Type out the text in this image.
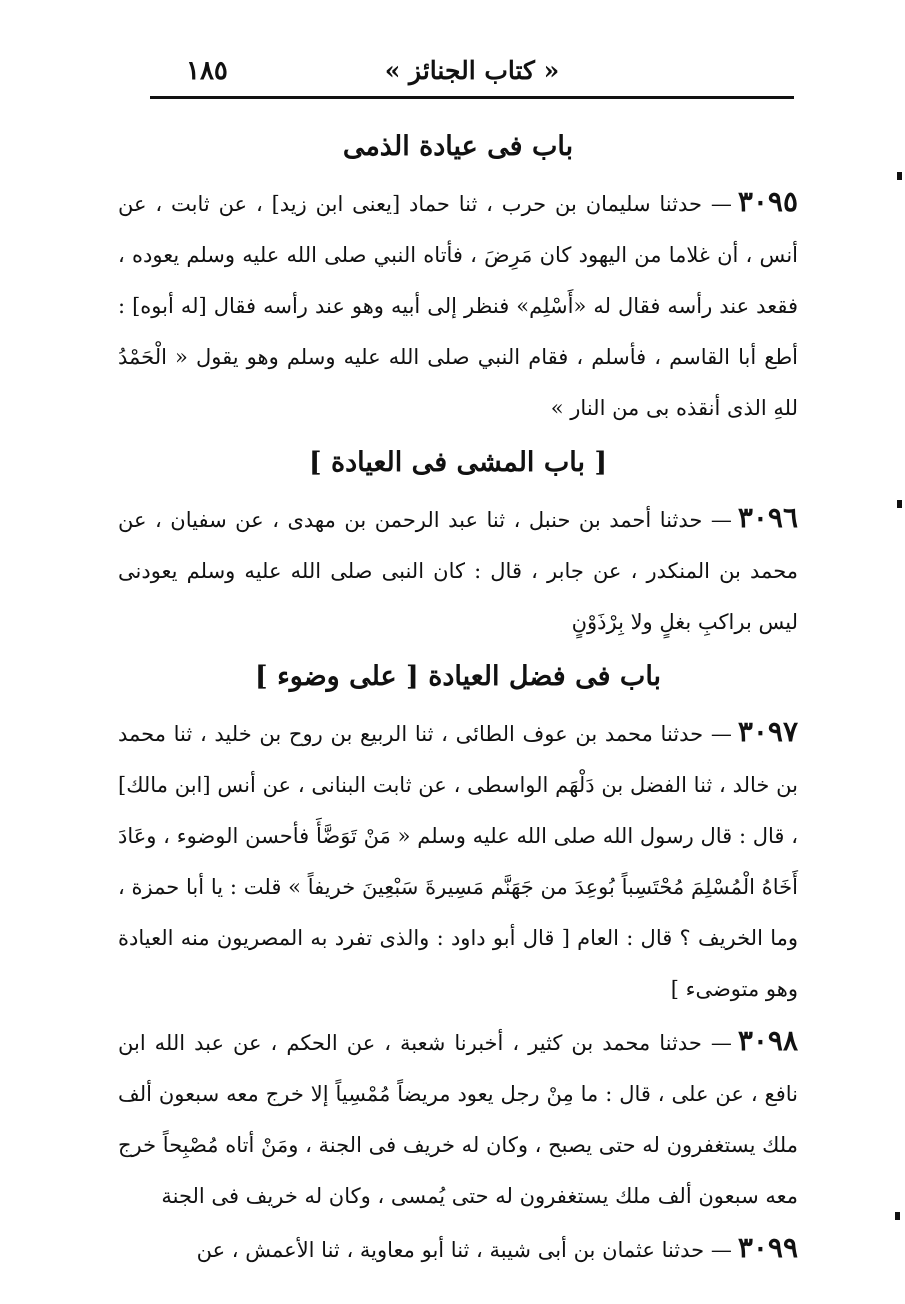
١٨٥	« كتاب الجنائز »
باب فى عيادة الذمى

٣٠٩٥— حدثنا سليمان بن حرب ، ثنا حماد [يعنى ابن زيد] ، عن ثابت ، عن أنس ، أن غلاما من اليهود كان مَرِضَ ، فأتاه النبي صلى الله عليه وسلم يعوده ، فقعد عند رأسه فقال له «أَسْلِم» فنظر إلى أبيه وهو عند رأسه فقال [له أبوه] : أطع أبا القاسم ، فأسلم ، فقام النبي صلى الله عليه وسلم وهو يقول « الْحَمْدُ للهِ الذى أنقذه بى من النار »

[ باب المشى فى العيادة ]

٣٠٩٦— حدثنا أحمد بن حنبل ، ثنا عبد الرحمن بن مهدى ، عن سفيان ، عن محمد بن المنكدر ، عن جابر ، قال : كان النبى صلى الله عليه وسلم يعودنى ليس براكبِ بغلٍ ولا بِرْذَوْنٍ

باب فى فضل العيادة [ على وضوء ]

٣٠٩٧— حدثنا محمد بن عوف الطائى ، ثنا الربيع بن روح بن خليد ، ثنا محمد بن خالد ، ثنا الفضل بن دَلْهَم الواسطى ، عن ثابت البنانى ، عن أنس [ابن مالك] ، قال : قال رسول الله صلى الله عليه وسلم « مَنْ تَوَضَّأَ فأحسن الوضوء ، وعَادَ أَخَاهُ الْمُسْلِمَ مُحْتَسِباً بُوعِدَ من جَهَنَّم مَسِيرةَ سَبْعِينَ خريفاً » قلت : يا أبا حمزة ، وما الخريف ؟ قال : العام [ قال أبو داود : والذى تفرد به المصريون منه العيادة وهو متوضىء ]

٣٠٩٨— حدثنا محمد بن كثير ، أخبرنا شعبة ، عن الحكم ، عن عبد الله ابن نافع ، عن على ، قال : ما مِنْ رجل يعود مريضاً مُمْسِياً إلا خرج معه سبعون ألف ملك يستغفرون له حتى يصبح ، وكان له خريف فى الجنة ، ومَنْ أتاه مُصْبِحاً خرج معه سبعون ألف ملك يستغفرون له حتى يُمسى ، وكان له خريف فى الجنة

٣٠٩٩— حدثنا عثمان بن أبى شيبة ، ثنا أبو معاوية ، ثنا الأعمش ، عن
